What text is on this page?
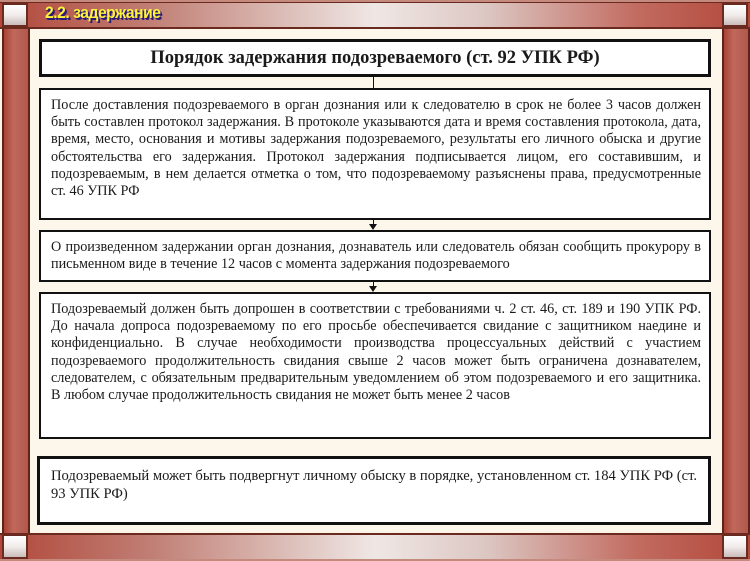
2.2. задержание
Порядок задержания подозреваемого (ст. 92 УПК РФ)

После доставления подозреваемого в орган дознания или к следователю в срок не более 3 часов должен быть составлен протокол задержания. В протоколе указываются дата и время составления протокола, дата, время, место, основания и мотивы задержания подозреваемого, результаты его личного обыска и другие обстоятельства его задержания. Протокол задержания подписывается лицом, его составившим, и подозреваемым, в нем делается отметка о том, что подозреваемому разъяснены права, предусмотренные ст. 46 УПК РФ

О произведенном задержании орган дознания, дознаватель или следователь обязан сообщить прокурору в письменном виде в течение 12 часов с момента задержания подозреваемого

Подозреваемый должен быть допрошен в соответствии с требованиями ч. 2 ст. 46, ст. 189 и 190 УПК РФ. До начала допроса подозреваемому по его просьбе обеспечивается свидание с защитником наедине и конфиденциально. В случае необходимости производства процессуальных действий с участием подозреваемого продолжительность свидания свыше 2 часов может быть ограничена дознавателем, следователем, с обязательным предварительным уведомлением об этом подозреваемого и его защитника. В любом случае продолжительность свидания не может быть менее 2 часов

Подозреваемый может быть подвергнут личному обыску в порядке, установленном ст. 184 УПК РФ (ст. 93 УПК РФ)
